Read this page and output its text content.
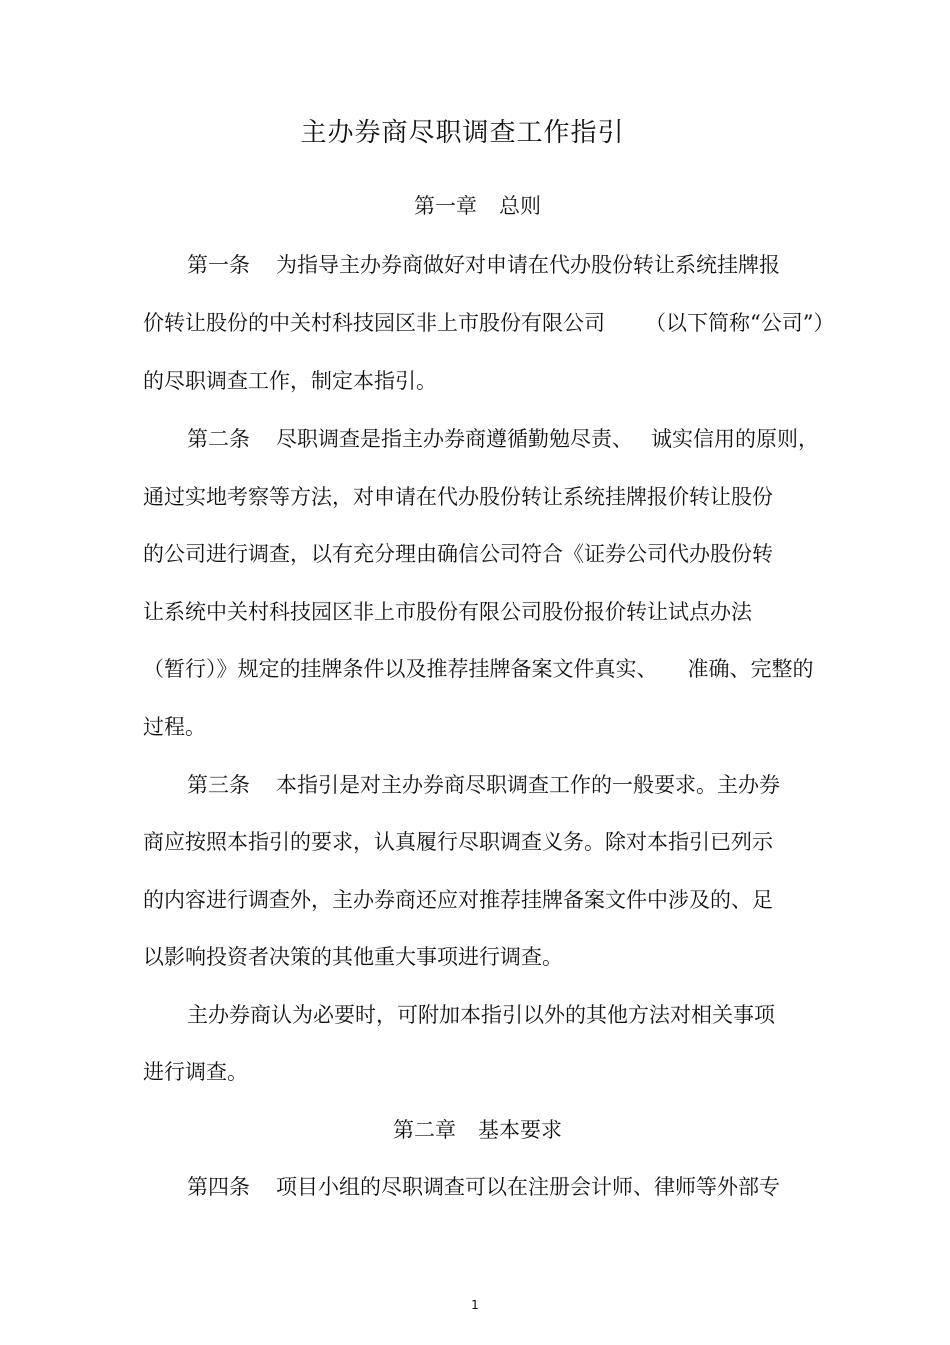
主办券商尽职调查工作指引
第一章 总则
第一条 为指导主办券商做好对申请在代办股份转让系统挂牌报
价转让股份的中关村科技园区非上市股份有限公司 （以下简称“公司”）
的尽职调查工作，制定本指引。
第二条 尽职调查是指主办券商遵循勤勉尽责、 诚实信用的原则，
通过实地考察等方法，对申请在代办股份转让系统挂牌报价转让股份
的公司进行调查，以有充分理由确信公司符合《证券公司代办股份转
让系统中关村科技园区非上市股份有限公司股份报价转让试点办法
（暂行）》规定的挂牌条件以及推荐挂牌备案文件真实、 准确、完整的
过程。
第三条 本指引是对主办券商尽职调查工作的一般要求。主办券
商应按照本指引的要求，认真履行尽职调查义务。除对本指引已列示
的内容进行调查外，主办券商还应对推荐挂牌备案文件中涉及的、足
以影响投资者决策的其他重大事项进行调查。
主办券商认为必要时，可附加本指引以外的其他方法对相关事项
进行调查。
第二章 基本要求
第四条 项目小组的尽职调查可以在注册会计师、律师等外部专
1
